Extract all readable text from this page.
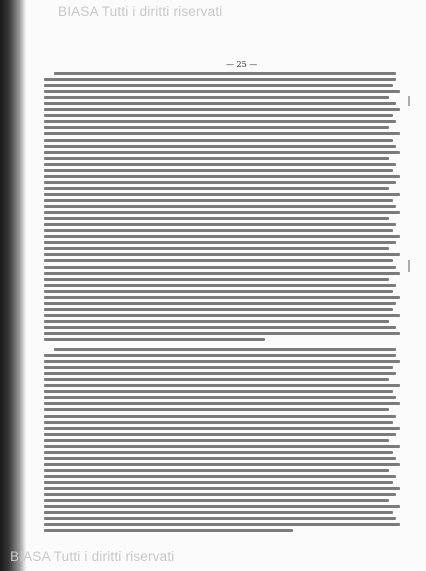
BIASA Tutti i diritti riservati
— 25 —
BIASA Tutti i diritti riservati
